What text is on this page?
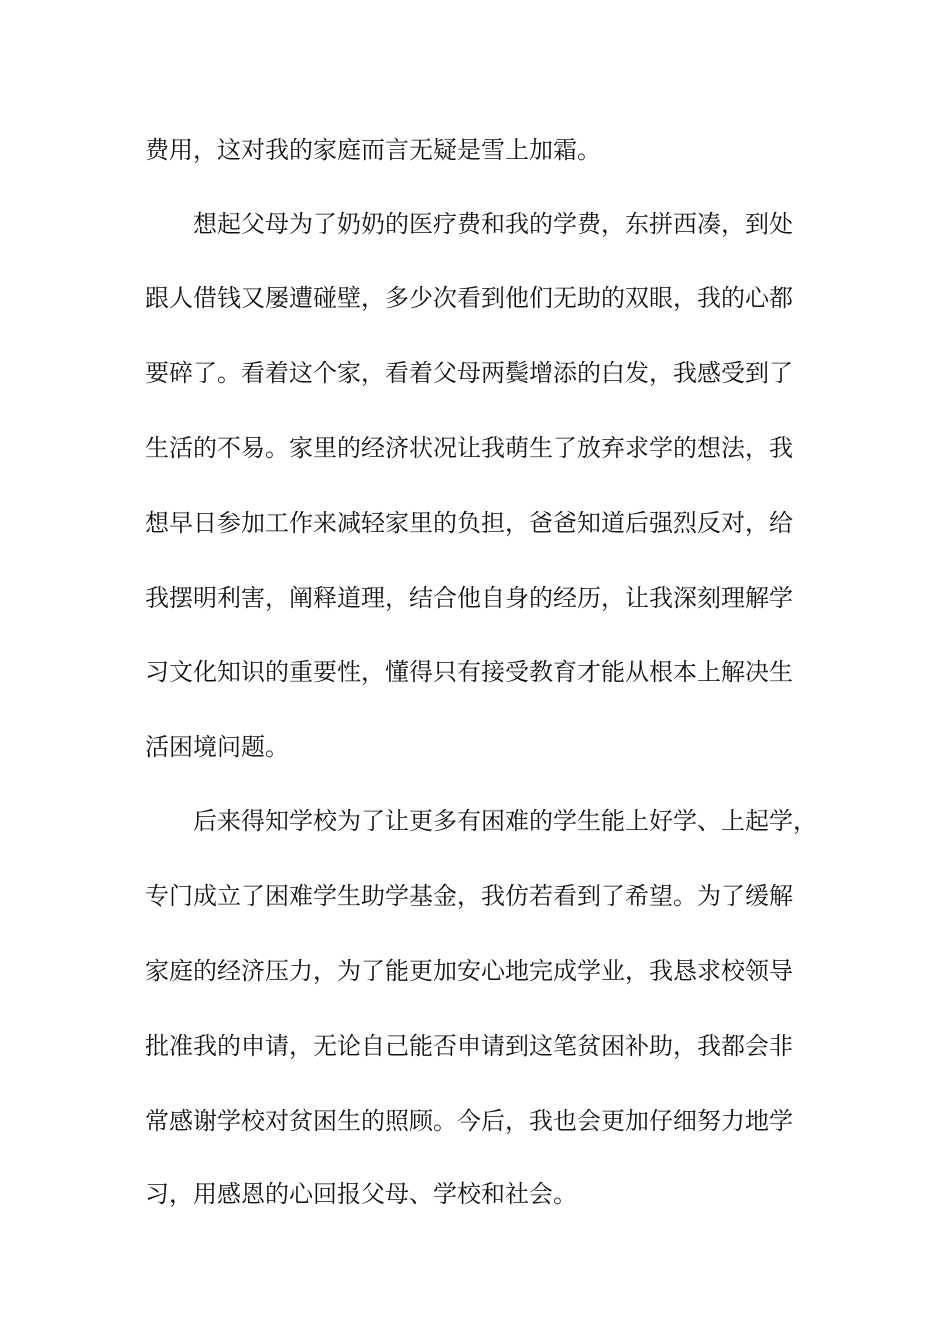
费用，这对我的家庭而言无疑是雪上加霜。

想起父母为了奶奶的医疗费和我的学费，东拼西凑，到处

跟人借钱又屡遭碰壁，多少次看到他们无助的双眼，我的心都

要碎了。看着这个家，看着父母两鬓增添的白发，我感受到了

生活的不易。家里的经济状况让我萌生了放弃求学的想法，我

想早日参加工作来减轻家里的负担，爸爸知道后强烈反对，给

我摆明利害，阐释道理，结合他自身的经历，让我深刻理解学

习文化知识的重要性，懂得只有接受教育才能从根本上解决生

活困境问题。

后来得知学校为了让更多有困难的学生能上好学、上起学，

专门成立了困难学生助学基金，我仿若看到了希望。为了缓解

家庭的经济压力，为了能更加安心地完成学业，我恳求校领导

批准我的申请，无论自己能否申请到这笔贫困补助，我都会非

常感谢学校对贫困生的照顾。今后，我也会更加仔细努力地学

习，用感恩的心回报父母、学校和社会。
